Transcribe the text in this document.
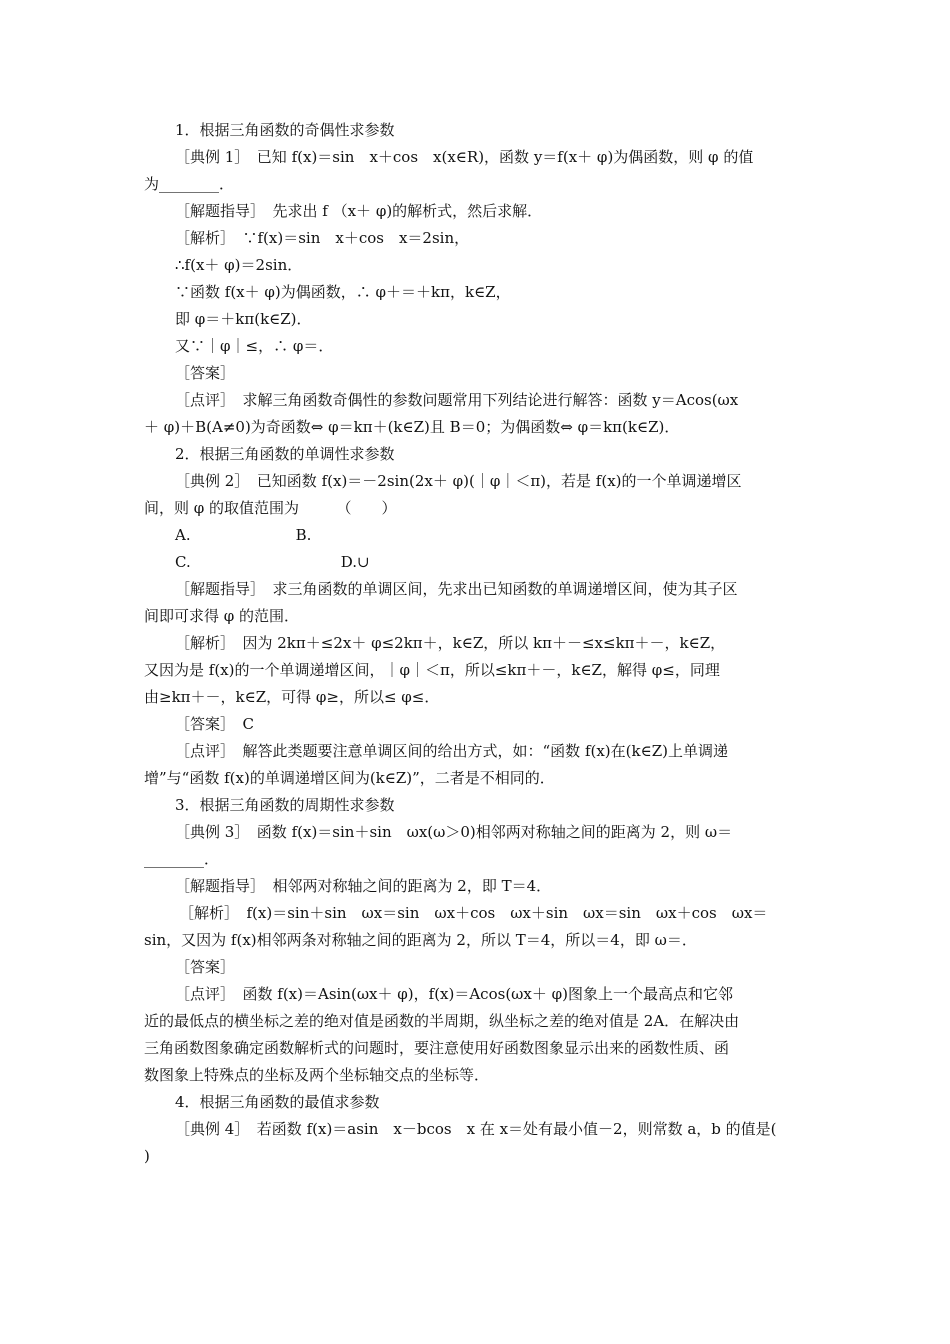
1．根据三角函数的奇偶性求参数
［典例 1］　已知 f(x)＝sin　x＋cos　x(x∈R)，函数 y＝f(x＋ φ)为偶函数，则 φ 的值
为________．
［解题指导］　先求出 f （x＋ φ)的解析式，然后求解．
［解析］　∵f(x)＝sin　x＋cos　x＝2sin，
∴f(x＋ φ)＝2sin．
∵函数 f(x＋ φ)为偶函数，∴ φ＋＝＋kπ，k∈Z，
即 φ＝＋kπ(k∈Z)．
又∵｜φ｜≤，∴ φ＝．
［答案］
［点评］　求解三角函数奇偶性的参数问题常用下列结论进行解答：函数 y＝Acos(ωx
＋ φ)＋B(A≠0)为奇函数⇔ φ＝kπ＋(k∈Z)且 B＝0；为偶函数⇔ φ＝kπ(k∈Z)．
2．根据三角函数的单调性求参数
［典例 2］　已知函数 f(x)＝－2sin(2x＋ φ)(｜φ｜＜π)，若是 f(x)的一个单调递增区
间，则 φ 的取值范围为　　　（　　）
A.　　　　　　　B.
C.　　　　　　　　　　D.∪
［解题指导］　求三角函数的单调区间，先求出已知函数的单调递增区间，使为其子区
间即可求得 φ 的范围．
［解析］　因为 2kπ＋≤2x＋ φ≤2kπ＋，k∈Z，所以 kπ＋－≤x≤kπ＋－，k∈Z，
又因为是 f(x)的一个单调递增区间，｜φ｜＜π，所以≤kπ＋－，k∈Z，解得 φ≤，同理
由≥kπ＋－，k∈Z，可得 φ≥，所以≤ φ≤．
［答案］　C
［点评］　解答此类题要注意单调区间的给出方式，如：“函数 f(x)在(k∈Z)上单调递
增”与“函数 f(x)的单调递增区间为(k∈Z)”，二者是不相同的．
3．根据三角函数的周期性求参数
［典例 3］　函数 f(x)＝sin＋sin　ωx(ω＞0)相邻两对称轴之间的距离为 2，则 ω＝
________．
［解题指导］　相邻两对称轴之间的距离为 2，即 T＝4．
［解析］　f(x)＝sin＋sin　ωx＝sin　ωx＋cos　ωx＋sin　ωx＝sin　ωx＋cos　ωx＝
sin，又因为 f(x)相邻两条对称轴之间的距离为 2，所以 T＝4，所以＝4，即 ω＝．
［答案］
［点评］　函数 f(x)＝Asin(ωx＋ φ)，f(x)＝Acos(ωx＋ φ)图象上一个最高点和它邻
近的最低点的横坐标之差的绝对值是函数的半周期，纵坐标之差的绝对值是 2A．在解决由
三角函数图象确定函数解析式的问题时，要注意使用好函数图象显示出来的函数性质、函
数图象上特殊点的坐标及两个坐标轴交点的坐标等．
4．根据三角函数的最值求参数
［典例 4］　若函数 f(x)＝asin　x－bcos　x 在 x＝处有最小值－2，则常数 a，b 的值是(
)
